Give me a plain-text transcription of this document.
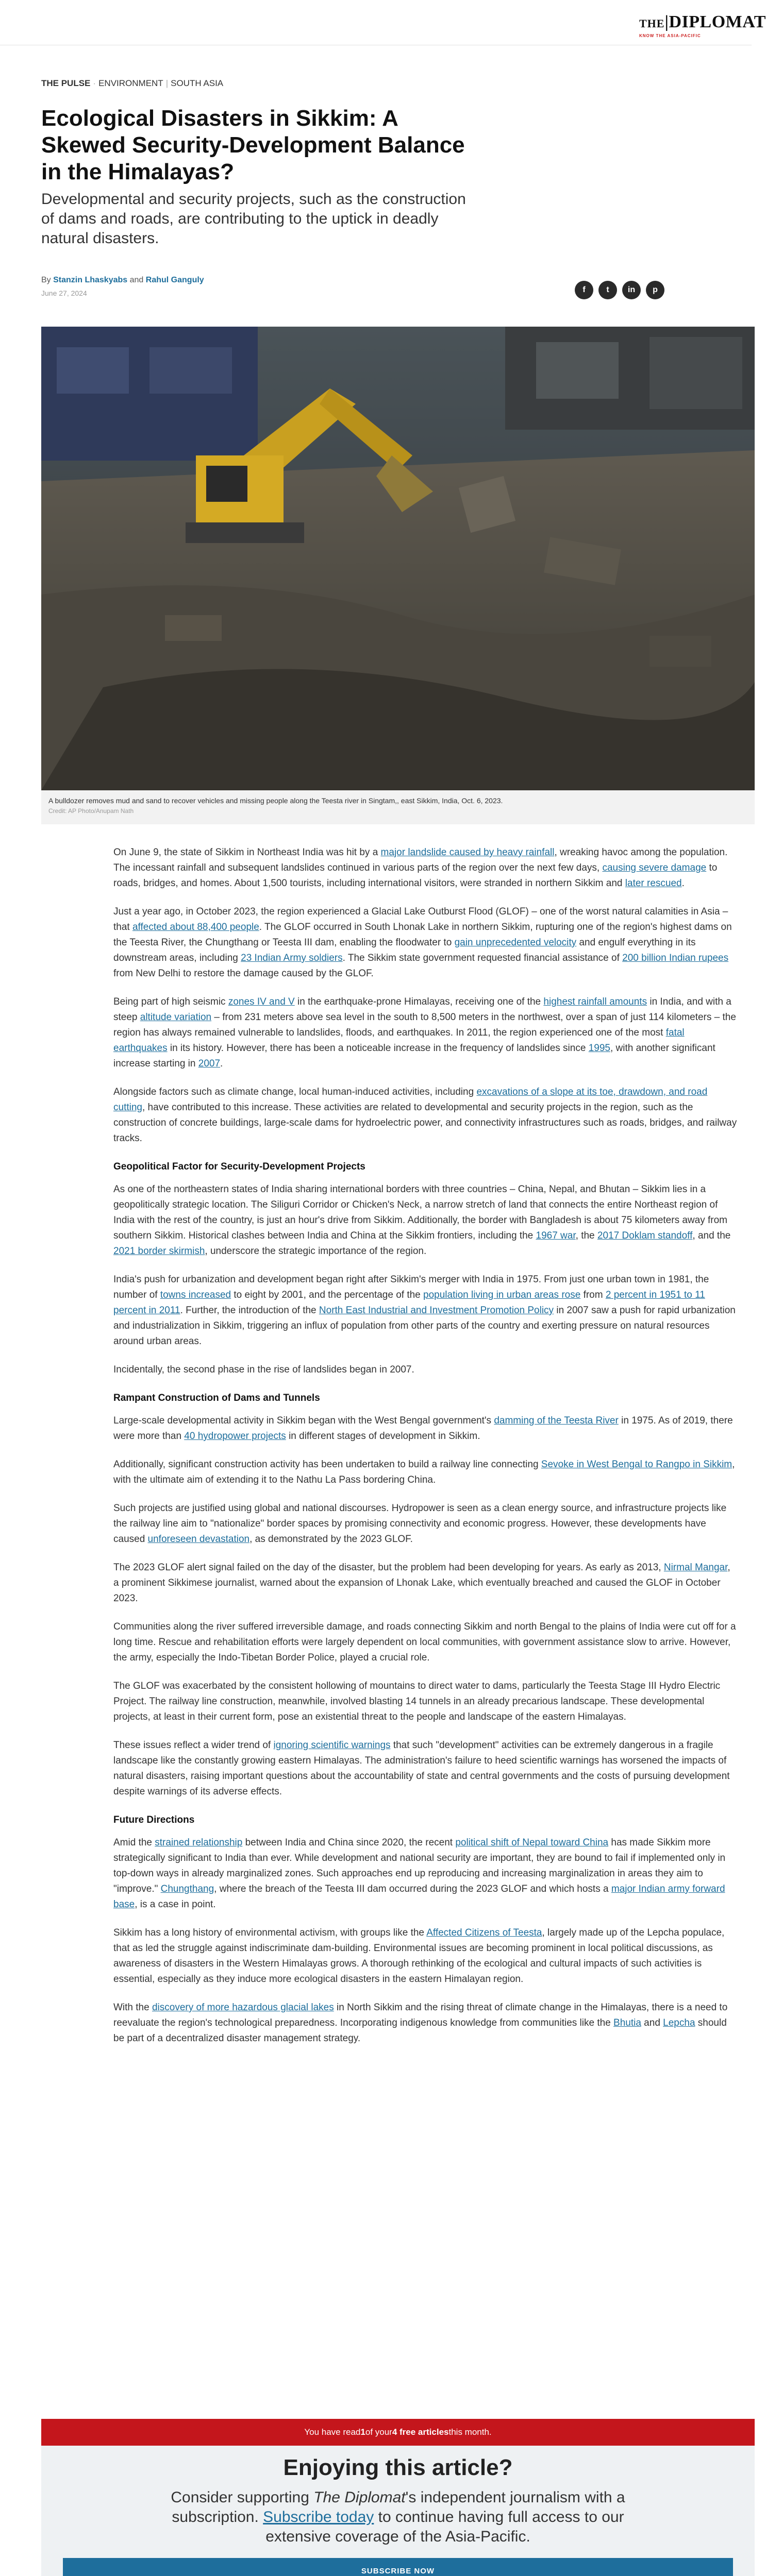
THE|DIPLOMAT
KNOW THE ASIA-PACIFIC
THE PULSE · ENVIRONMENT | SOUTH ASIA
Ecological Disasters in Sikkim: A Skewed Security-Development Balance in the Himalayas?

Developmental and security projects, such as the construction of dams and roads, are contributing to the uptick in deadly natural disasters.

By Stanzin Lhaskyabs and Rahul Ganguly
June 27, 2024	f	t	in	p
A bulldozer removes mud and sand to recover vehicles and missing people along the Teesta river in Singtam,, east Sikkim, India, Oct. 6, 2023.
Credit: AP Photo/Anupam Nath

On June 9, the state of Sikkim in Northeast India was hit by a major landslide caused by heavy rainfall, wreaking havoc among the population. The incessant rainfall and subsequent landslides continued in various parts of the region over the next few days, causing severe damage to roads, bridges, and homes. About 1,500 tourists, including international visitors, were stranded in northern Sikkim and later rescued.

Just a year ago, in October 2023, the region experienced a Glacial Lake Outburst Flood (GLOF) – one of the worst natural calamities in Asia – that affected about 88,400 people. The GLOF occurred in South Lhonak Lake in northern Sikkim, rupturing one of the region's highest dams on the Teesta River, the Chungthang or Teesta III dam, enabling the floodwater to gain unprecedented velocity and engulf everything in its downstream areas, including 23 Indian Army soldiers. The Sikkim state government requested financial assistance of 200 billion Indian rupees from New Delhi to restore the damage caused by the GLOF.

Being part of high seismic zones IV and V in the earthquake-prone Himalayas, receiving one of the highest rainfall amounts in India, and with a steep altitude variation – from 231 meters above sea level in the south to 8,500 meters in the northwest, over a span of just 114 kilometers – the region has always remained vulnerable to landslides, floods, and earthquakes. In 2011, the region experienced one of the most fatal earthquakes in its history. However, there has been a noticeable increase in the frequency of landslides since 1995, with another significant increase starting in 2007.

Alongside factors such as climate change, local human-induced activities, including excavations of a slope at its toe, drawdown, and road cutting, have contributed to this increase. These activities are related to developmental and security projects in the region, such as the construction of concrete buildings, large-scale dams for hydroelectric power, and connectivity infrastructures such as roads, bridges, and railway tracks.

Geopolitical Factor for Security-Development Projects

As one of the northeastern states of India sharing international borders with three countries – China, Nepal, and Bhutan – Sikkim lies in a geopolitically strategic location. The Siliguri Corridor or Chicken's Neck, a narrow stretch of land that connects the entire Northeast region of India with the rest of the country, is just an hour's drive from Sikkim. Additionally, the border with Bangladesh is about 75 kilometers away from southern Sikkim. Historical clashes between India and China at the Sikkim frontiers, including the 1967 war, the 2017 Doklam standoff, and the 2021 border skirmish, underscore the strategic importance of the region.

India's push for urbanization and development began right after Sikkim's merger with India in 1975. From just one urban town in 1981, the number of towns increased to eight by 2001, and the percentage of the population living in urban areas rose from 2 percent in 1951 to 11 percent in 2011. Further, the introduction of the North East Industrial and Investment Promotion Policy in 2007 saw a push for rapid urbanization and industrialization in Sikkim, triggering an influx of population from other parts of the country and exerting pressure on natural resources around urban areas.

Incidentally, the second phase in the rise of landslides began in 2007.

Rampant Construction of Dams and Tunnels

Large-scale developmental activity in Sikkim began with the West Bengal government's damming of the Teesta River in 1975. As of 2019, there were more than 40 hydropower projects in different stages of development in Sikkim.

Additionally, significant construction activity has been undertaken to build a railway line connecting Sevoke in West Bengal to Rangpo in Sikkim, with the ultimate aim of extending it to the Nathu La Pass bordering China.

Such projects are justified using global and national discourses. Hydropower is seen as a clean energy source, and infrastructure projects like the railway line aim to "nationalize" border spaces by promising connectivity and economic progress. However, these developments have caused unforeseen devastation, as demonstrated by the 2023 GLOF.

The 2023 GLOF alert signal failed on the day of the disaster, but the problem had been developing for years. As early as 2013, Nirmal Mangar, a prominent Sikkimese journalist, warned about the expansion of Lhonak Lake, which eventually breached and caused the GLOF in October 2023.

Communities along the river suffered irreversible damage, and roads connecting Sikkim and north Bengal to the plains of India were cut off for a long time. Rescue and rehabilitation efforts were largely dependent on local communities, with government assistance slow to arrive. However, the army, especially the Indo-Tibetan Border Police, played a crucial role.

The GLOF was exacerbated by the consistent hollowing of mountains to direct water to dams, particularly the Teesta Stage III Hydro Electric Project. The railway line construction, meanwhile, involved blasting 14 tunnels in an already precarious landscape. These developmental projects, at least in their current form, pose an existential threat to the people and landscape of the eastern Himalayas.

These issues reflect a wider trend of ignoring scientific warnings that such "development" activities can be extremely dangerous in a fragile landscape like the constantly growing eastern Himalayas. The administration's failure to heed scientific warnings has worsened the impacts of natural disasters, raising important questions about the accountability of state and central governments and the costs of pursuing development despite warnings of its adverse effects.

Future Directions

Amid the strained relationship between India and China since 2020, the recent political shift of Nepal toward China has made Sikkim more strategically significant to India than ever. While development and national security are important, they are bound to fail if implemented only in top-down ways in already marginalized zones. Such approaches end up reproducing and increasing marginalization in areas they aim to "improve." Chungthang, where the breach of the Teesta III dam occurred during the 2023 GLOF and which hosts a major Indian army forward base, is a case in point.

Sikkim has a long history of environmental activism, with groups like the Affected Citizens of Teesta, largely made up of the Lepcha populace, that as led the struggle against indiscriminate dam-building. Environmental issues are becoming prominent in local political discussions, as awareness of disasters in the Western Himalayas grows. A thorough rethinking of the ecological and cultural impacts of such activities is essential, especially as they induce more ecological disasters in the eastern Himalayan region.

With the discovery of more hazardous glacial lakes in North Sikkim and the rising threat of climate change in the Himalayas, there is a need to reevaluate the region's technological preparedness. Incorporating indigenous knowledge from communities like the Bhutia and Lepcha should be part of a decentralized disaster management strategy.

You have read 1 of your 4 free articles this month.
Enjoying this article?
Consider supporting The Diplomat's independent journalism with a subscription. Subscribe today to continue having full access to our extensive coverage of the Asia-Pacific.
SUBSCRIBE NOW
